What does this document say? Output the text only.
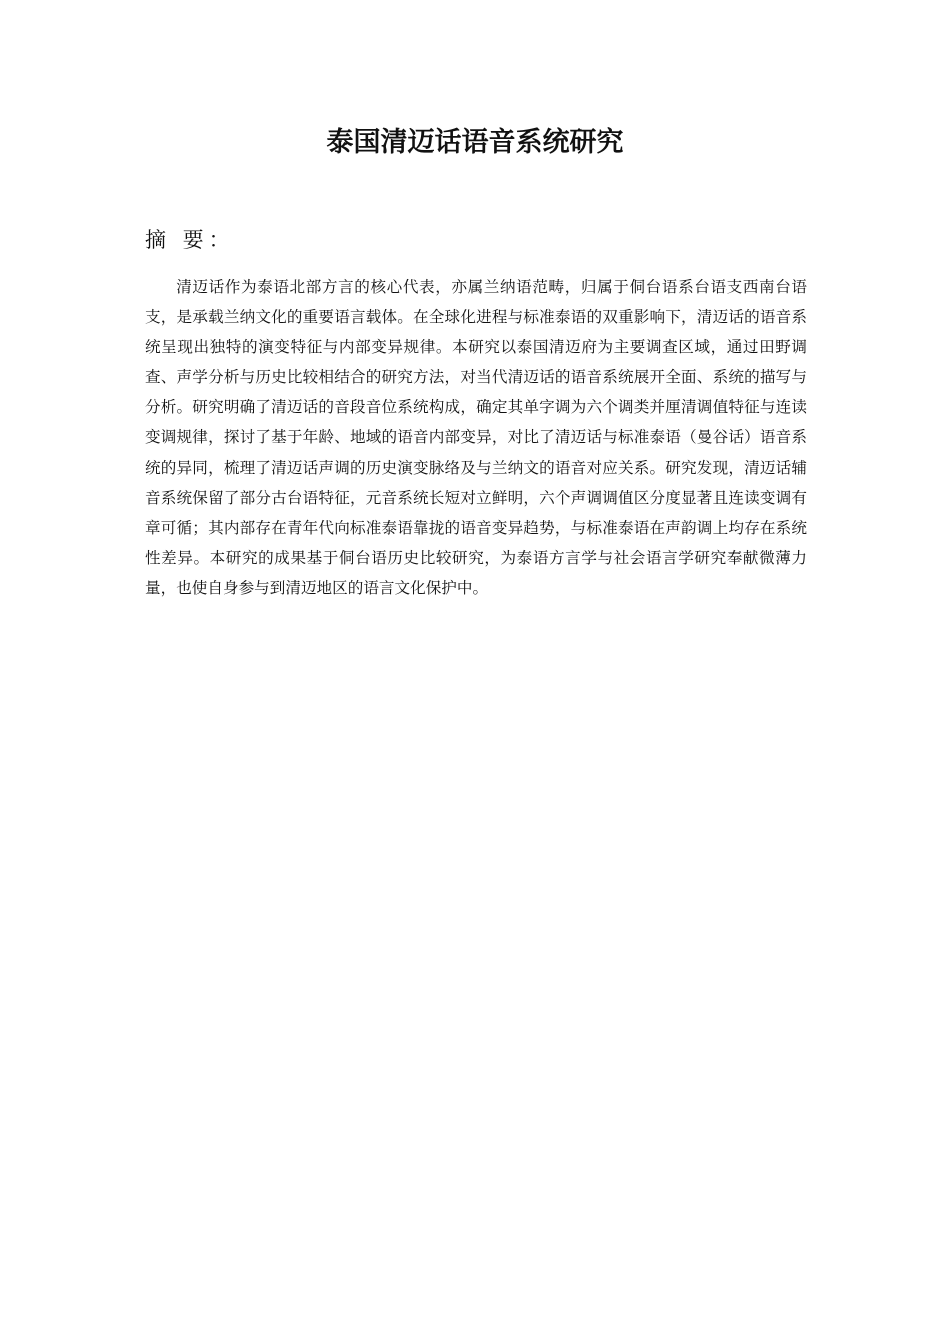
泰国清迈话语音系统研究
摘 要：

清迈话作为泰语北部方言的核心代表，亦属兰纳语范畴，归属于侗台语系台语支西南台语支，是承载兰纳文化的重要语言载体。在全球化进程与标准泰语的双重影响下，清迈话的语音系统呈现出独特的演变特征与内部变异规律。本研究以泰国清迈府为主要调查区域，通过田野调查、声学分析与历史比较相结合的研究方法，对当代清迈话的语音系统展开全面、系统的描写与分析。研究明确了清迈话的音段音位系统构成，确定其单字调为六个调类并厘清调值特征与连读变调规律，探讨了基于年龄、地域的语音内部变异，对比了清迈话与标准泰语（曼谷话）语音系统的异同，梳理了清迈话声调的历史演变脉络及与兰纳文的语音对应关系。研究发现，清迈话辅音系统保留了部分古台语特征，元音系统长短对立鲜明，六个声调调值区分度显著且连读变调有章可循；其内部存在青年代向标准泰语靠拢的语音变异趋势，与标准泰语在声韵调上均存在系统性差异。本研究的成果基于侗台语历史比较研究，为泰语方言学与社会语言学研究奉献微薄力量，也使自身参与到清迈地区的语言文化保护中。
